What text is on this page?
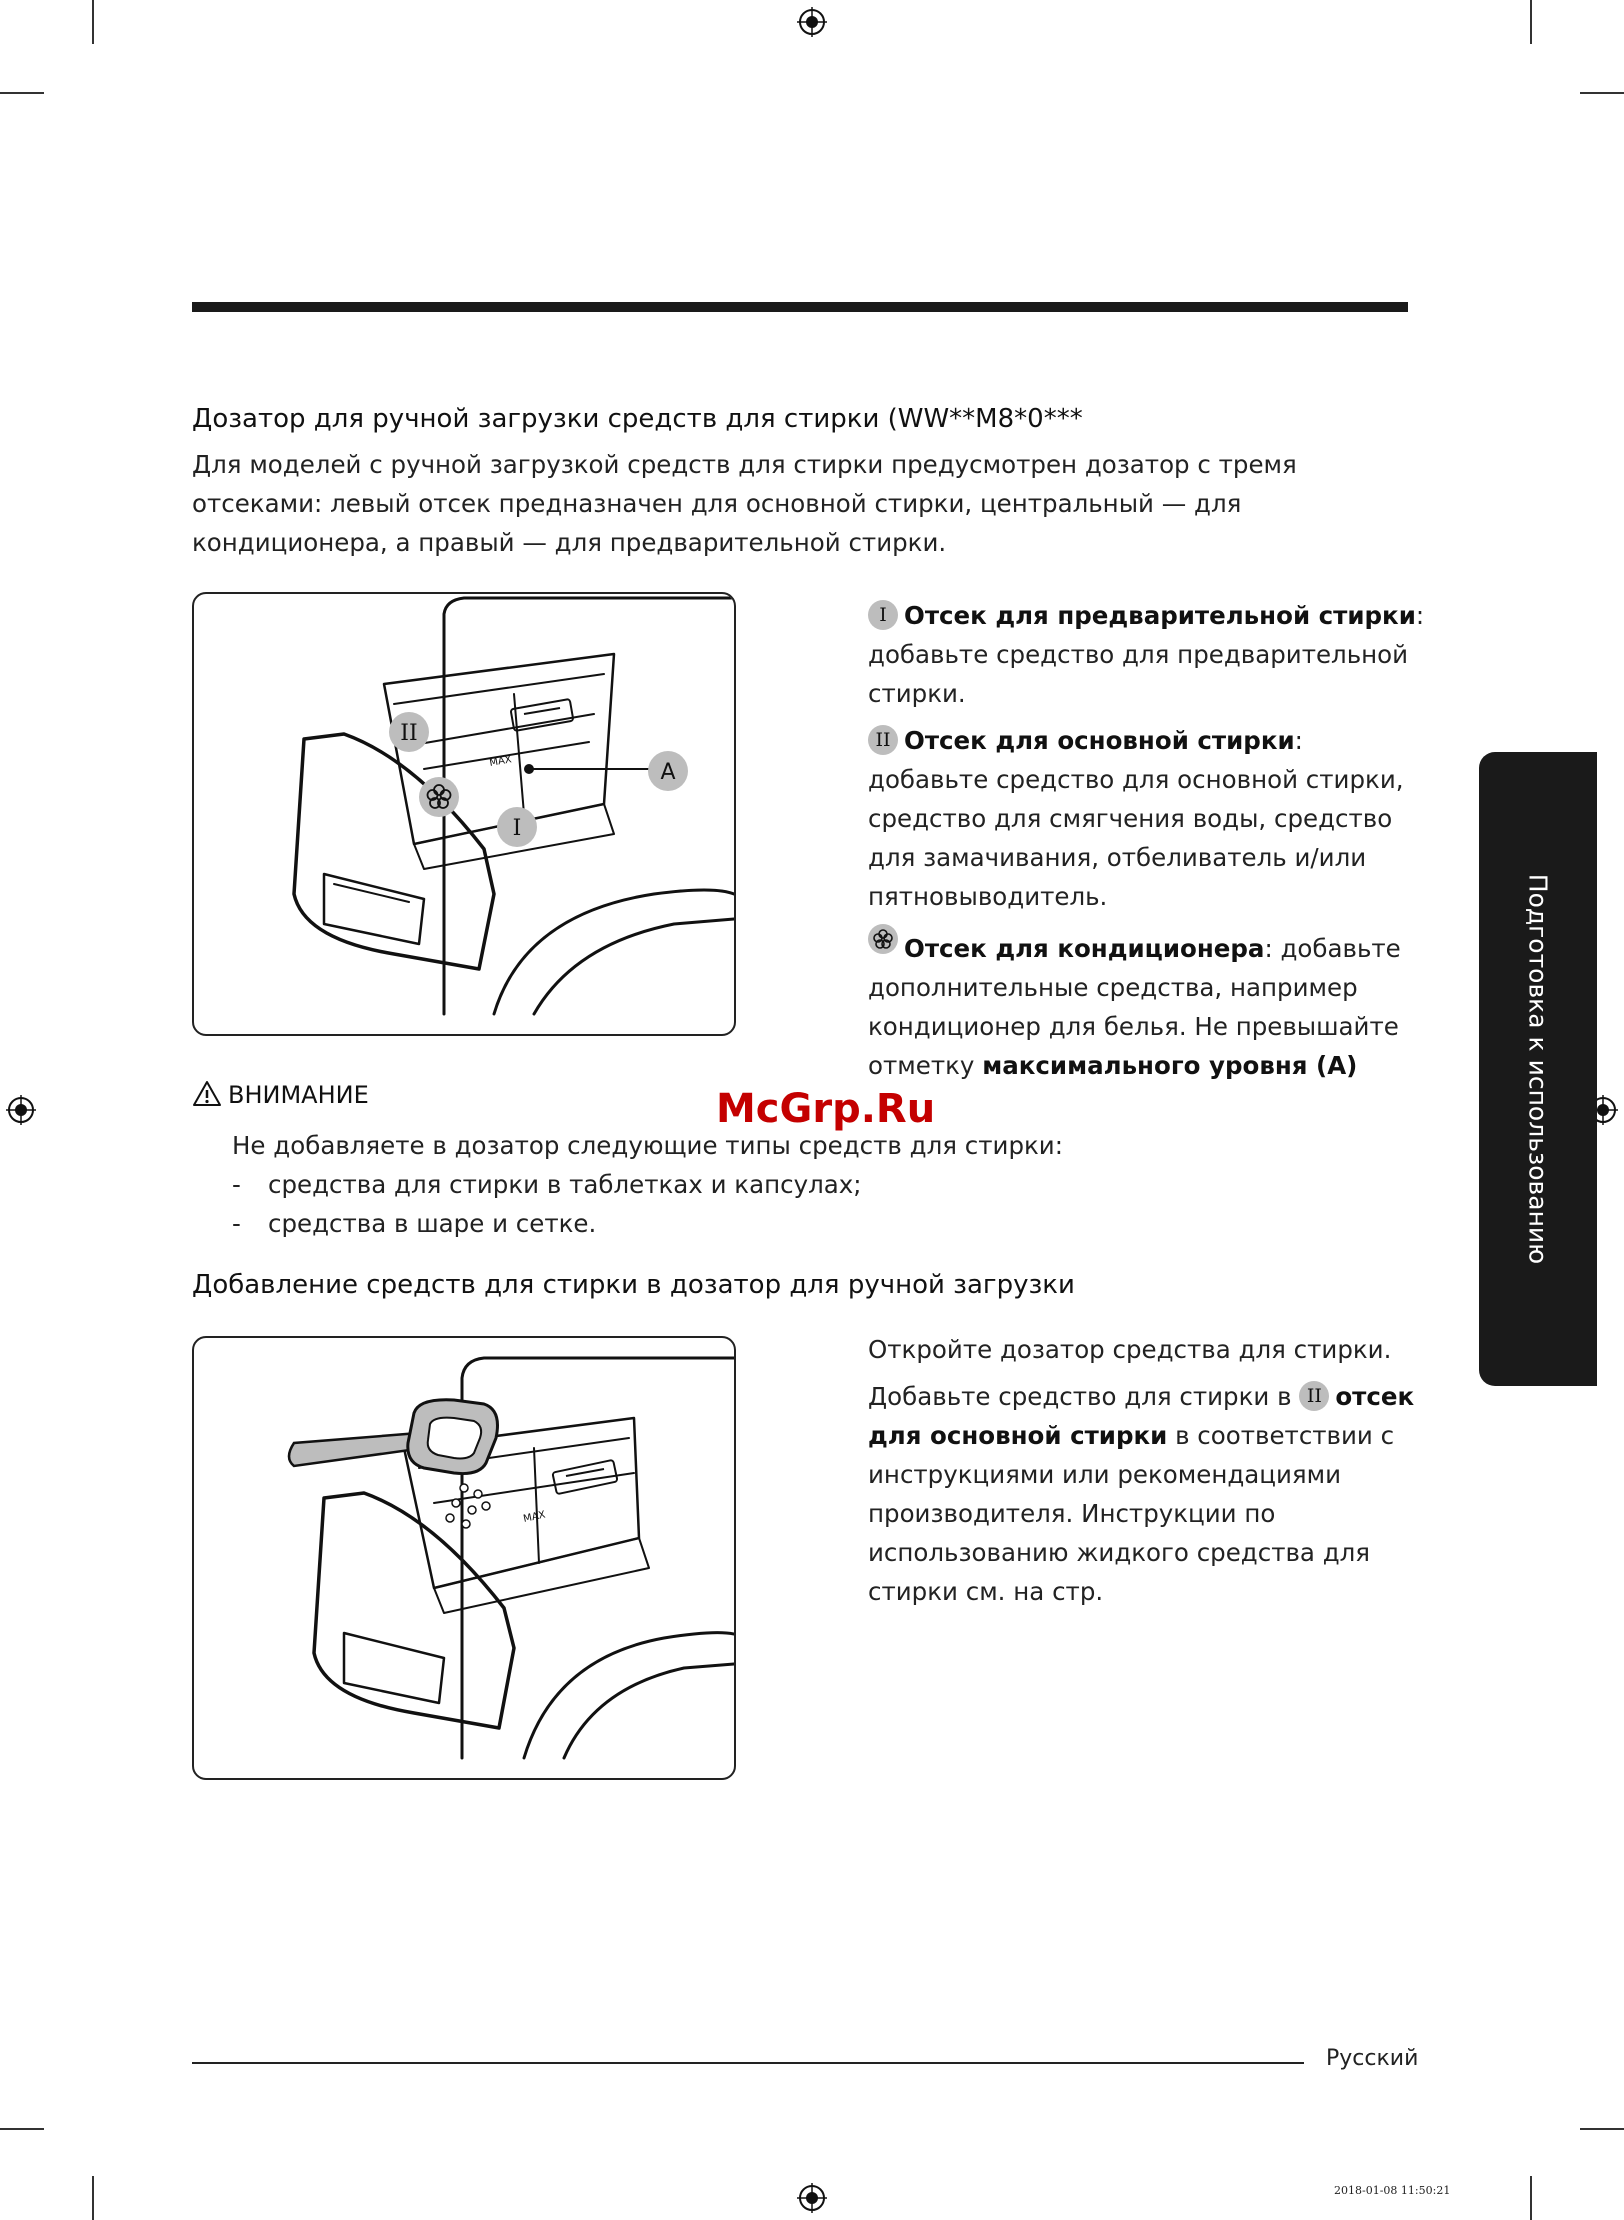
Дозатор для ручной загрузки средств для стирки (WW**M8*0***
Для моделей с ручной загрузкой средств для стирки предусмотрен дозатор с тремя отсеками: левый отсек предназначен для основной стирки, центральный — для кондиционера, а правый — для предварительной стирки.
MAX
II
I
A
I Отсек для предварительной стирки: добавьте средство для предварительной стирки.
II Отсек для основной стирки: добавьте средство для основной стирки, средство для смягчения воды, средство для замачивания, отбеливатель и/или пятновыводитель.
Отсек для кондиционера: добавьте дополнительные средства, например кондиционер для белья. Не превышайте отметку максимального уровня (A)
ВНИМАНИЕ
Не добавляете в дозатор следующие типы средств для стирки:
- средства для стирки в таблетках и капсулах;
- средства в шаре и сетке.
McGrp.Ru
Добавление средств для стирки в дозатор для ручной загрузки
MAX
Откройте дозатор средства для стирки.
Добавьте средство для стирки в II отсек для основной стирки в соответствии с инструкциями или рекомендациями производителя. Инструкции по использованию жидкого средства для стирки см. на стр.
Подготовка к использованию
Русский
2018-01-08 11:50:21
